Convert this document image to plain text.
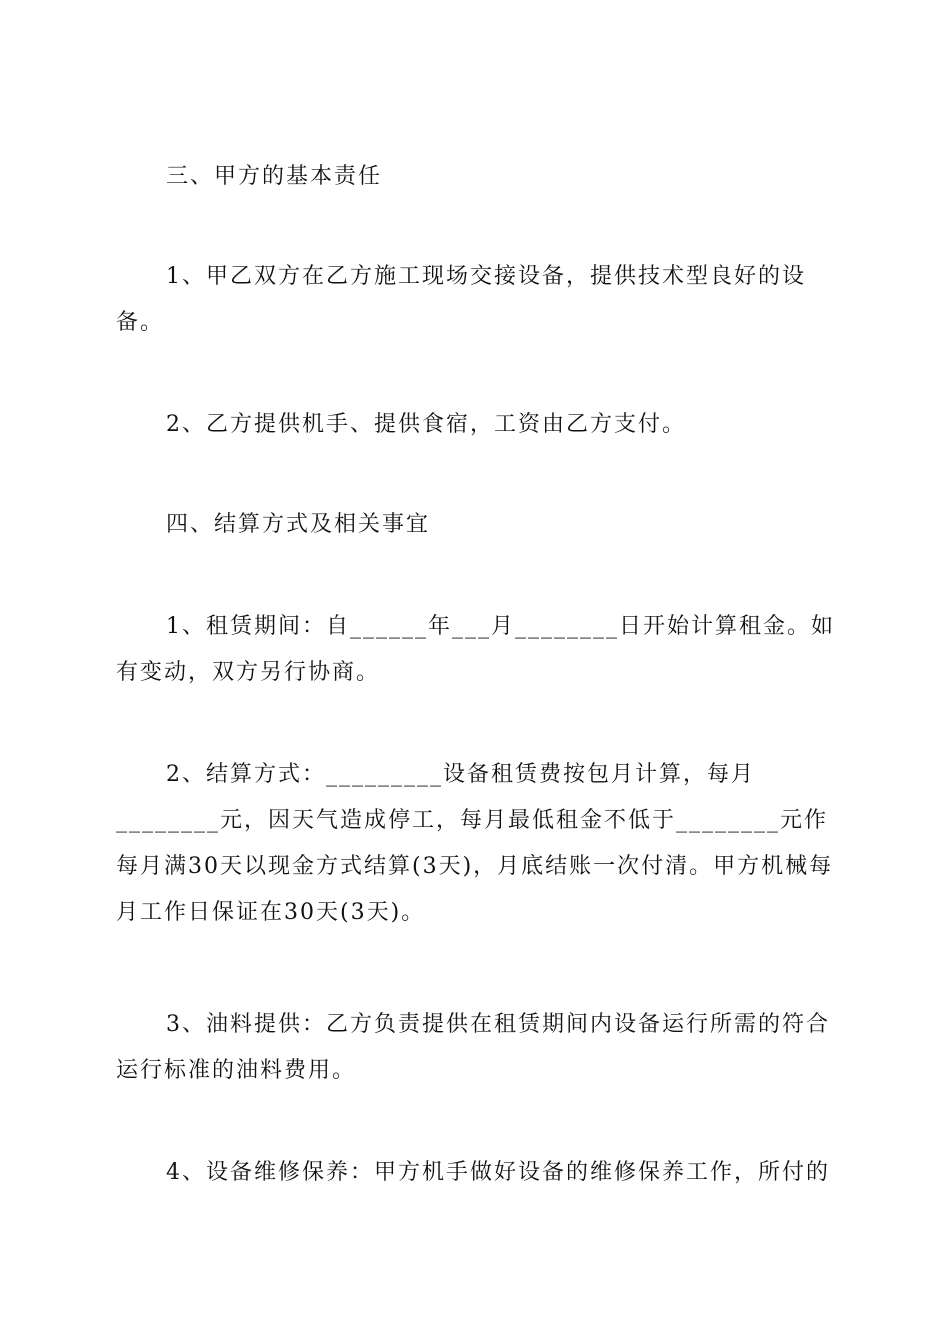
三、甲方的基本责任

1、甲乙双方在乙方施工现场交接设备，提供技术型良好的设备。

2、乙方提供机手、提供食宿，工资由乙方支付。

四、结算方式及相关事宜

1、租赁期间：自______年___月________日开始计算租金。如有变动，双方另行协商。

2、结算方式：_________设备租赁费按包月计算，每月________元，因天气造成停工，每月最低租金不低于________元作每月满30天以现金方式结算(3天)，月底结账一次付清。甲方机械每月工作日保证在30天(3天)。

3、油料提供：乙方负责提供在租赁期间内设备运行所需的符合运行标准的油料费用。

4、设备维修保养：甲方机手做好设备的维修保养工作，所付的
